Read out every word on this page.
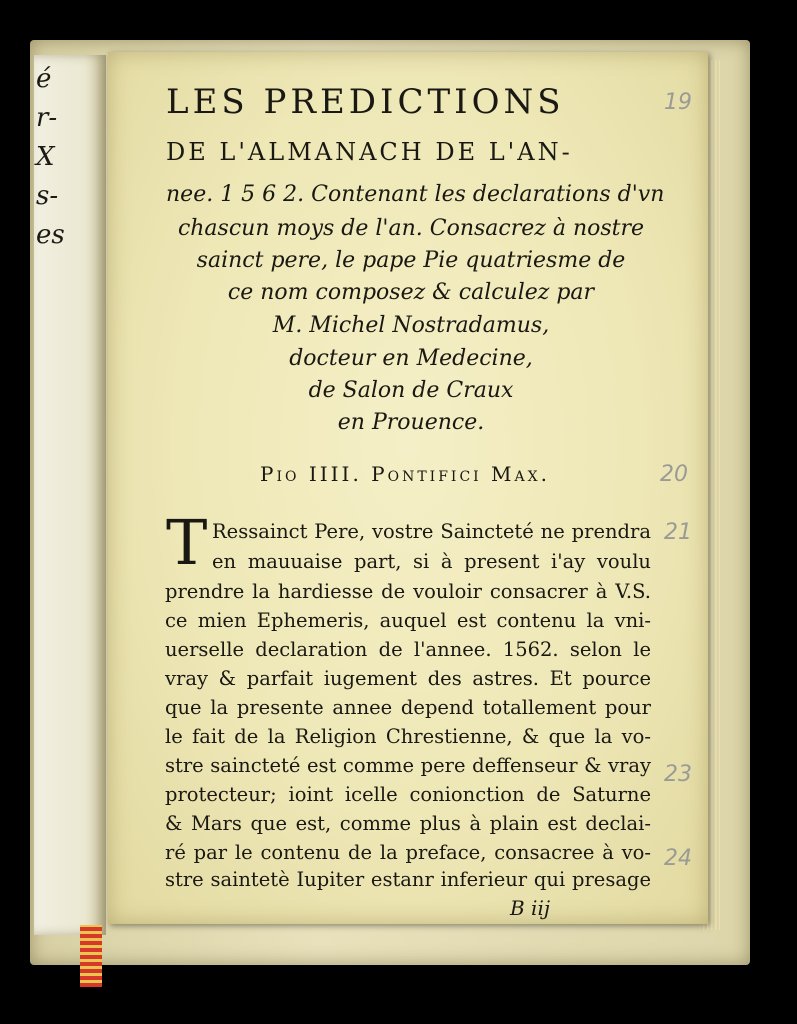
é
r-
X
s-
es
LES PREDICTIONS
DE L'ALMANACH DE L'AN-
nee. 1 5 6 2. Contenant les declarations d'vn
chascun moys de l'an. Consacrez à nostre
sainct pere, le pape Pie quatriesme de
ce nom composez & calculez par
M. Michel Nostradamus,
docteur en Medecine,
de Salon de Craux
en Prouence.
Pio IIII. Pontifici Max.
T Ressainct Pere, vostre Saincteté ne prendra
en mauuaise part, si à present i'ay voulu
prendre la hardiesse de vouloir consacrer à V.S.
ce mien Ephemeris, auquel est contenu la vni-
uerselle declaration de l'annee. 1562. selon le
vray & parfait iugement des astres. Et pource
que la presente annee depend totallement pour
le fait de la Religion Chrestienne, & que la vo-
stre saincteté est comme pere deffenseur & vray
protecteur; ioint icelle conionction de Saturne
& Mars que est, comme plus à plain est declai-
ré par le contenu de la preface, consacree à vo-
stre saintetè Iupiter estanr inferieur qui presage
B iij
19
20
21
23
24
